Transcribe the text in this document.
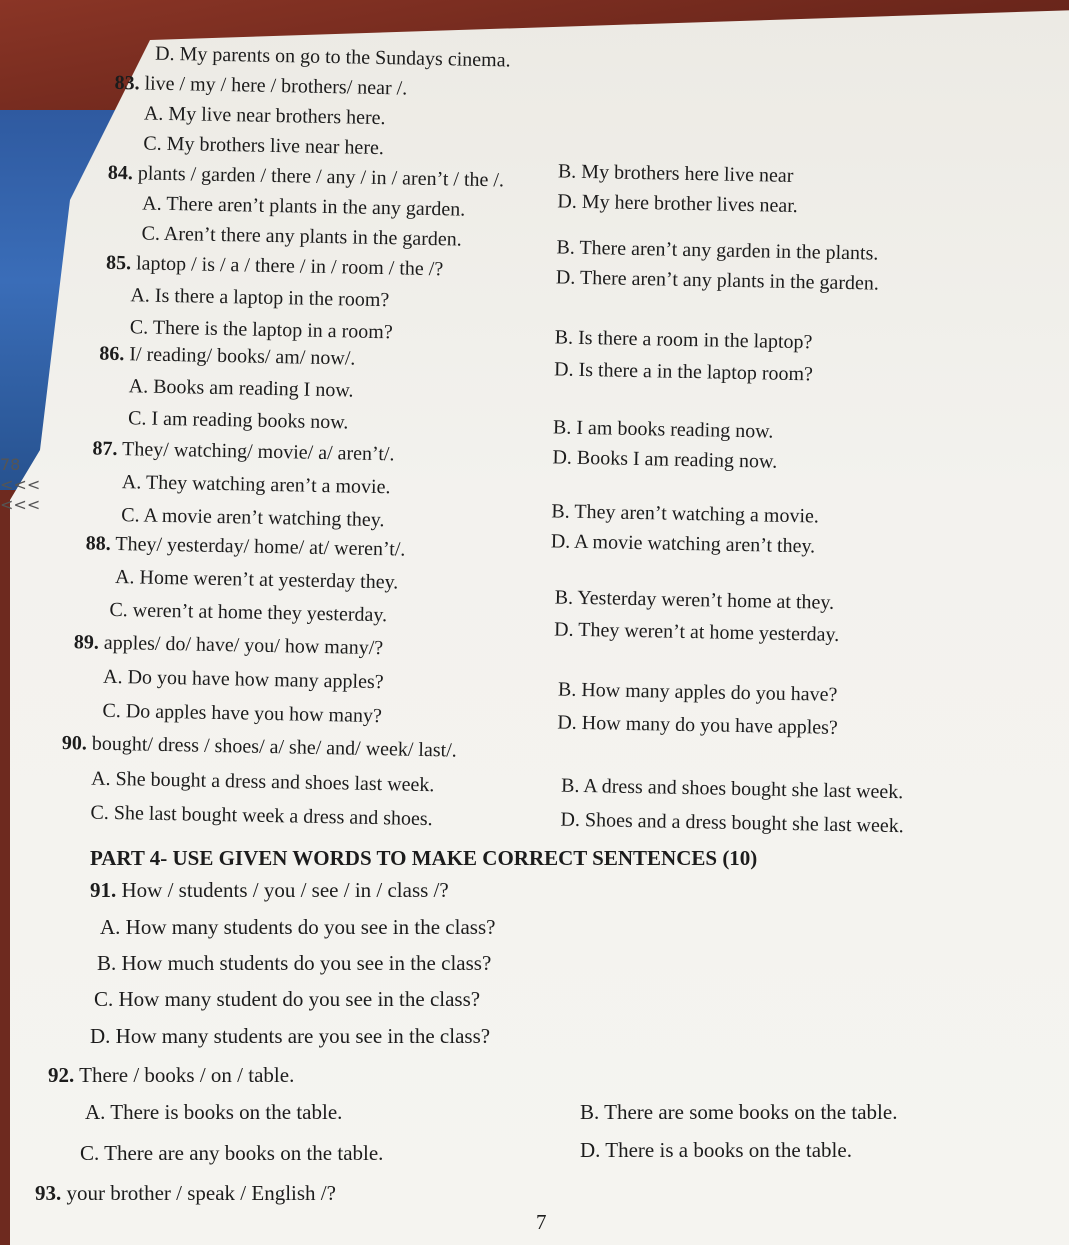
78
<<<
<<<
D. My parents on go to the Sundays cinema.
83. live / my / here / brothers/ near /.
A. My live near brothers here.
C. My brothers live near here.
B. My brothers here live near
D. My here brother lives near.
84. plants / garden / there / any / in / aren’t / the /.
A. There aren’t plants in the any garden.
C. Aren’t there any plants in the garden.	B. There aren’t any garden in the plants.
D. There aren’t any plants in the garden.
85. laptop / is / a / there / in / room / the /?
A. Is there a laptop in the room?
C. There is the laptop in a room?	B. Is there a room in the laptop?
D. Is there a in the laptop room?
86. I/ reading/ books/ am/ now/.
A. Books am reading I now.
C. I am reading books now.	B. I am books reading now.
D. Books I am reading now.
87. They/ watching/ movie/ a/ aren’t/.
A. They watching aren’t a movie.
C. A movie aren’t watching they.	B. They aren’t watching a movie.
D. A movie watching aren’t they.
88. They/ yesterday/ home/ at/ weren’t/.
A. Home weren’t at yesterday they.
C. weren’t at home they yesterday.	B. Yesterday weren’t home at they.
D. They weren’t at home yesterday.
89. apples/ do/ have/ you/ how many/?
A. Do you have how many apples?
C. Do apples have you how many?
B. How many apples do you have?
D. How many do you have apples?
90. bought/ dress / shoes/ a/ she/ and/ week/ last/.
A. She bought a dress and shoes last week.
C. She last bought week a dress and shoes.
B. A dress and shoes bought she last week.
D. Shoes and a dress bought she last week.
PART 4- USE GIVEN WORDS TO MAKE CORRECT SENTENCES (10)
91. How / students / you / see / in / class /?
A. How many students do you see in the class?
B. How much students do you see in the class?
C. How many student do you see in the class?
D. How many students are you see in the class?
92. There / books / on / table.
A. There is books on the table.	B. There are some books on the table.
C. There are any books on the table.	D. There is a books on the table.
93. your brother / speak / English /?
7
